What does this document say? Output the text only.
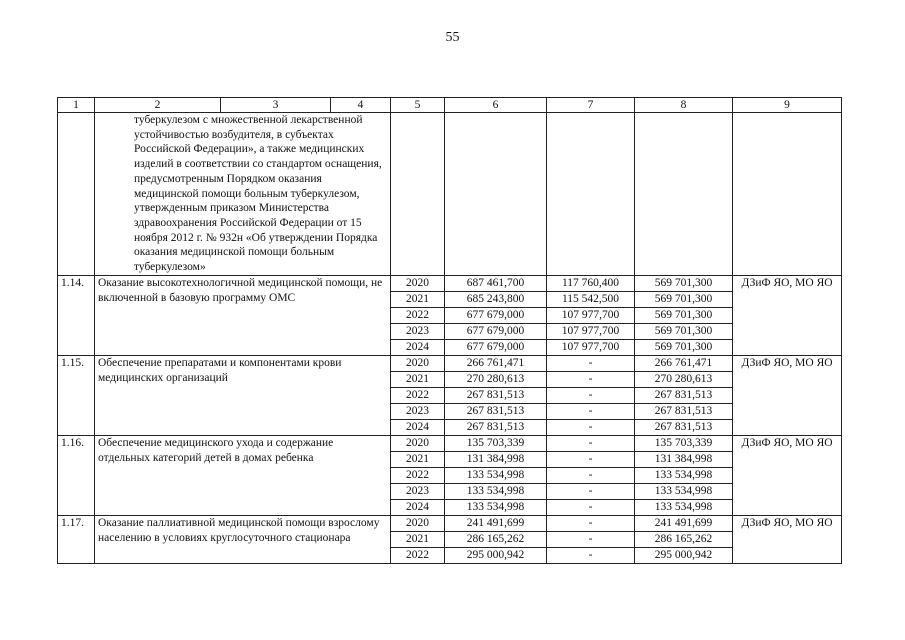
55
1	2	3	4	5	6	7	8	9
	туберкулезом с множественной лекарственной устойчивостью возбудителя, в субъектах Российской Федерации», а также медицинских изделий в соответствии со стандартом оснащения, предусмотренным Порядком оказания медицинской помощи больным туберкулезом, утвержденным приказом Министерства здравоохранения Российской Федерации от 15 ноября 2012 г. № 932н «Об утверждении Порядка оказания медицинской помощи больным туберкулезом»							
1.14.	Оказание высокотехнологичной медицинской помощи, не включенной в базовую программу ОМС			2020	687 461,700	117 760,400	569 701,300	ДЗиФ ЯО, МО ЯО
				2021	685 243,800	115 542,500	569 701,300	
				2022	677 679,000	107 977,700	569 701,300	
				2023	677 679,000	107 977,700	569 701,300	
				2024	677 679,000	107 977,700	569 701,300	
1.15.	Обеспечение препаратами и компонентами крови медицинских организаций			2020	266 761,471	-	266 761,471	ДЗиФ ЯО, МО ЯО
				2021	270 280,613	-	270 280,613	
				2022	267 831,513	-	267 831,513	
				2023	267 831,513	-	267 831,513	
				2024	267 831,513	-	267 831,513	
1.16.	Обеспечение медицинского ухода и содержание отдельных категорий детей в домах ребенка			2020	135 703,339	-	135 703,339	ДЗиФ ЯО, МО ЯО
				2021	131 384,998	-	131 384,998	
				2022	133 534,998	-	133 534,998	
				2023	133 534,998	-	133 534,998	
				2024	133 534,998	-	133 534,998	
1.17.	Оказание паллиативной медицинской помощи взрослому населению в условиях круглосуточного стационара			2020	241 491,699	-	241 491,699	ДЗиФ ЯО, МО ЯО
				2021	286 165,262	-	286 165,262	
				2022	295 000,942	-	295 000,942	
